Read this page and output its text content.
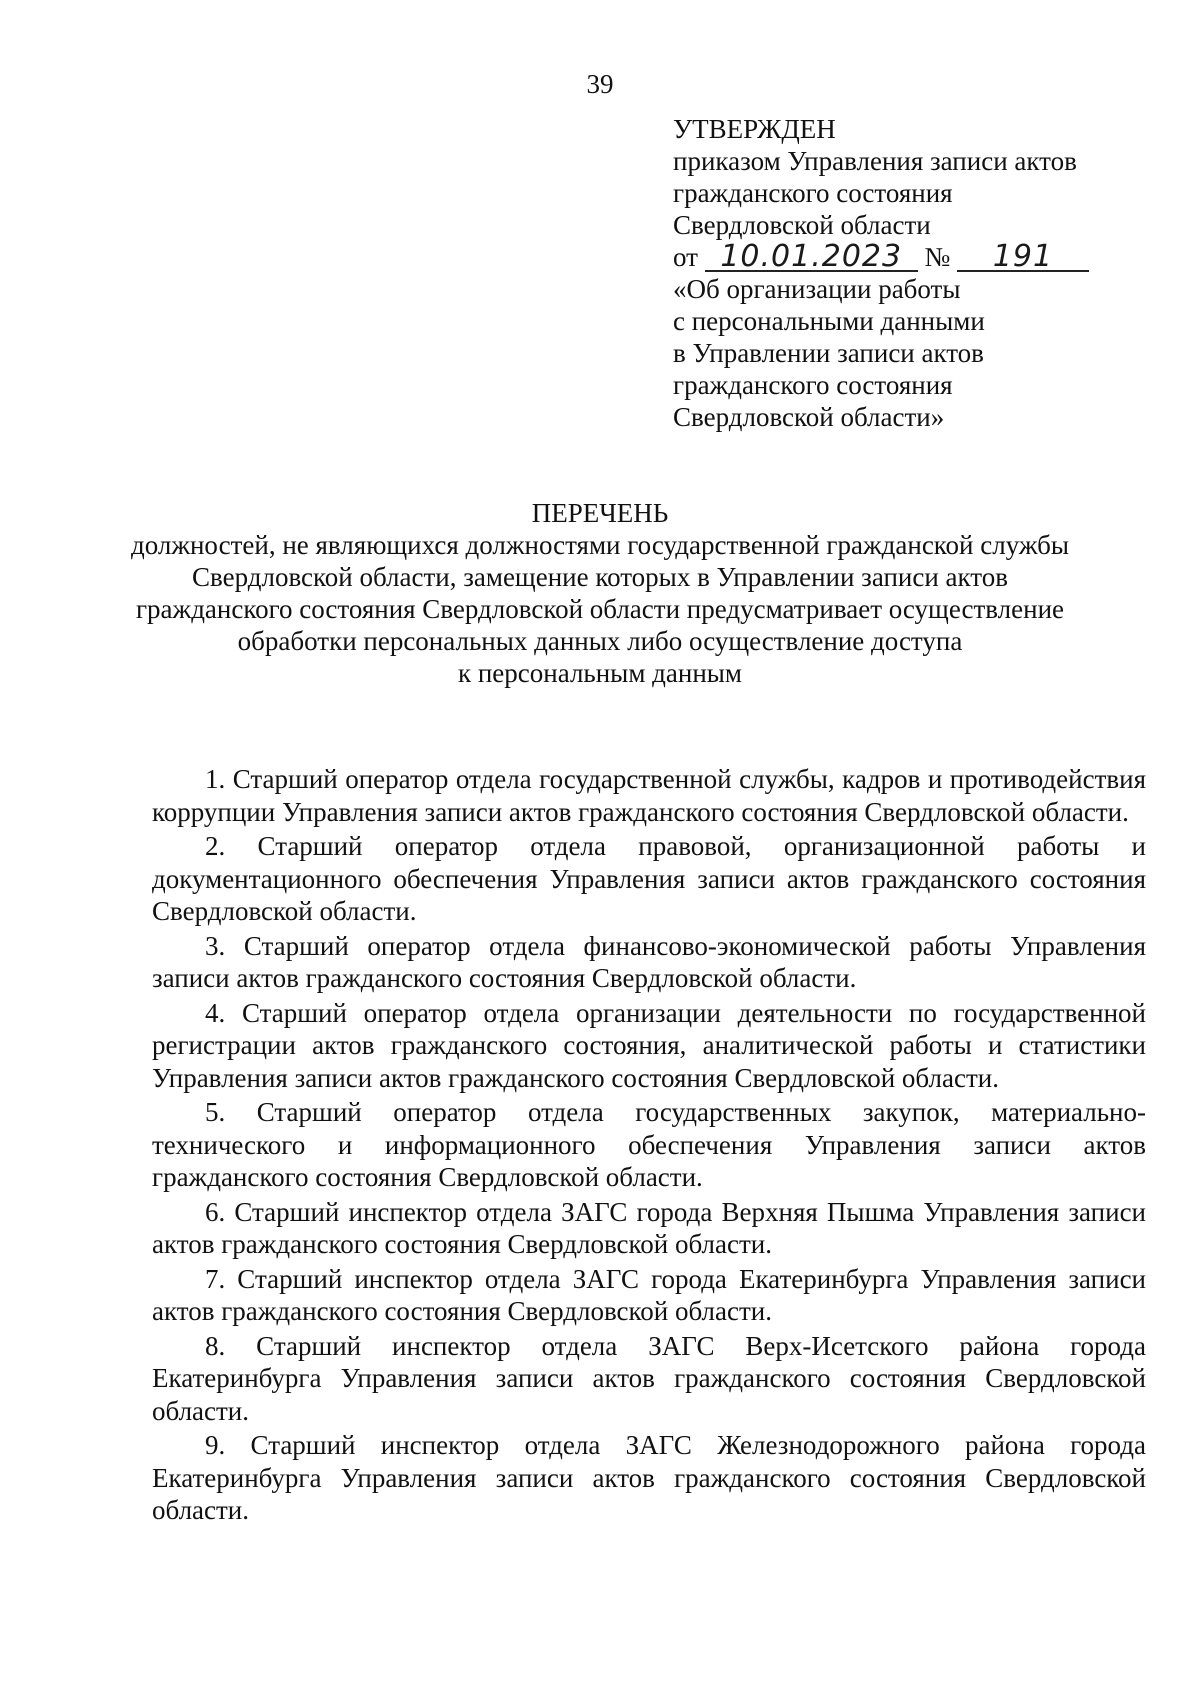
39
УТВЕРЖДЕН
приказом Управления записи актов
гражданского состояния
Свердловской области
от 10.01.2023 № 191
«Об организации работы
с персональными данными
в Управлении записи актов
гражданского состояния
Свердловской области»
ПЕРЕЧЕНЬ
должностей, не являющихся должностями государственной гражданской службы
Свердловской области, замещение которых в Управлении записи актов
гражданского состояния Свердловской области предусматривает осуществление
обработки персональных данных либо осуществление доступа
к персональным данным

1. Старший оператор отдела государственной службы, кадров и противодействия коррупции Управления записи актов гражданского состояния Свердловской области.

2. Старший оператор отдела правовой, организационной работы и документационного обеспечения Управления записи актов гражданского состояния Свердловской области.

3. Старший оператор отдела финансово-экономической работы Управления записи актов гражданского состояния Свердловской области.

4. Старший оператор отдела организации деятельности по государственной регистрации актов гражданского состояния, аналитической работы и статистики Управления записи актов гражданского состояния Свердловской области.

5. Старший оператор отдела государственных закупок, материально-технического и информационного обеспечения Управления записи актов гражданского состояния Свердловской области.

6. Старший инспектор отдела ЗАГС города Верхняя Пышма Управления записи актов гражданского состояния Свердловской области.

7. Старший инспектор отдела ЗАГС города Екатеринбурга Управления записи актов гражданского состояния Свердловской области.

8. Старший инспектор отдела ЗАГС Верх-Исетского района города Екатеринбурга Управления записи актов гражданского состояния Свердловской области.

9. Старший инспектор отдела ЗАГС Железнодорожного района города Екатеринбурга Управления записи актов гражданского состояния Свердловской области.
